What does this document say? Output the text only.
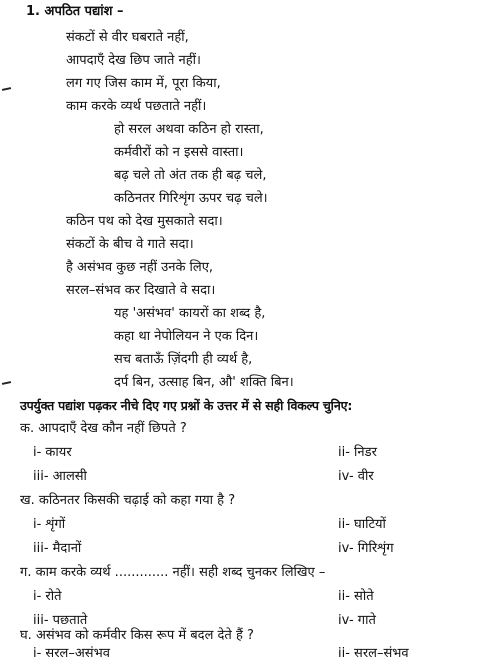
1. अपठित पद्यांश –
संकटों से वीर घबराते नहीं,
आपदाएँ देख छिप जाते नहीं।
लग गए जिस काम में, पूरा किया,
काम करके व्यर्थ पछताते नहीं।
हो सरल अथवा कठिन हो रास्ता,
कर्मवीरों को न इससे वास्ता।
बढ़ चले तो अंत तक ही बढ़ चले,
कठिनतर गिरिशृंग ऊपर चढ़ चले।
कठिन पथ को देख मुसकाते सदा।
संकटों के बीच वे गाते सदा।
है असंभव कुछ नहीं उनके लिए,
सरल–संभव कर दिखाते वे सदा।
यह 'असंभव' कायरों का शब्द है,
कहा था नेपोलियन ने एक दिन।
सच बताऊँ ज़िंदगी ही व्यर्थ है,
दर्प बिन, उत्साह बिन, औ' शक्ति बिन।
उपर्युक्त पद्यांश पढ़कर नीचे दिए गए प्रश्नों के उत्तर में से सही विकल्प चुनिए:
क. आपदाएँ देख कौन नहीं छिपते ?
i- कायर	ii- निडर
iii- आलसी	iv- वीर
ख. कठिनतर किसकी चढ़ाई को कहा गया है ?
i- शृंगों	ii- घाटियों
iii- मैदानों	iv- गिरिशृंग
ग. काम करके व्यर्थ ............. नहीं। सही शब्द चुनकर लिखिए –
i- रोते	ii- सोते
iii- पछताते	iv- गाते
घ. असंभव को कर्मवीर किस रूप में बदल देते हैं ?
i- सरल–असंभव	ii- सरल–संभव
